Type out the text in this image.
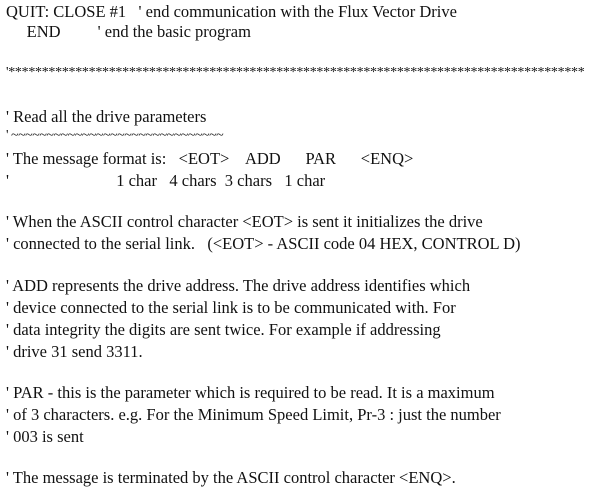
QUIT: CLOSE #1   ' end communication with the Flux Vector Drive
END         ' end the basic program
'**************************************************************************************
' Read all the drive parameters
' ~~~~~~~~~~~~~~~~~~~~~~~~~~~~~~
' The message format is:   <EOT>    ADD      PAR      <ENQ>
'                          1 char   4 chars  3 chars   1 char
' When the ASCII control character <EOT> is sent it initializes the drive
' connected to the serial link.   (<EOT> - ASCII code 04 HEX, CONTROL D)
' ADD represents the drive address. The drive address identifies which
' device connected to the serial link is to be communicated with. For
' data integrity the digits are sent twice. For example if addressing
' drive 31 send 3311.
' PAR - this is the parameter which is required to be read. It is a maximum
' of 3 characters. e.g. For the Minimum Speed Limit, Pr-3 : just the number
' 003 is sent
' The message is terminated by the ASCII control character <ENQ>.
